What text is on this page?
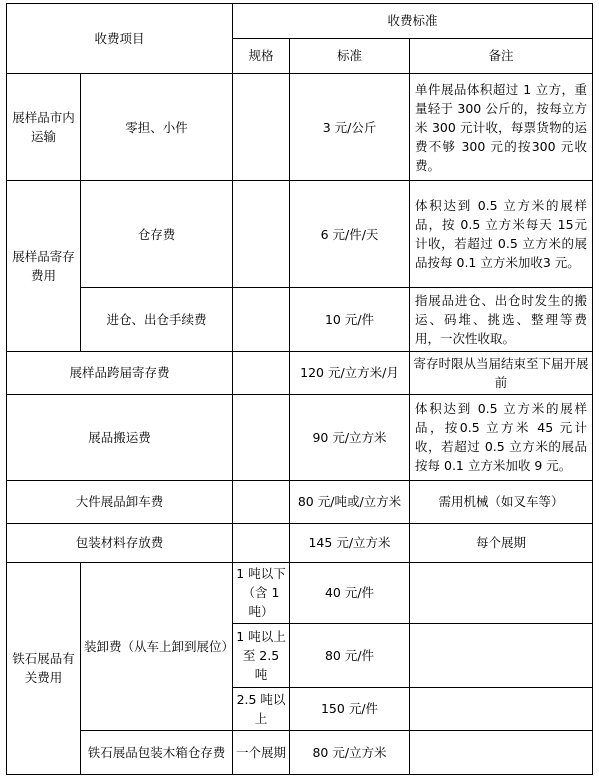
收费项目		收费标准		
		规格	标准	备注
展样品市内运输	零担、小件		3 元/公斤	单件展品体积超过 1 立方，重量轻于 300 公斤的，按每立方米 300 元计收，每票货物的运费不够 300 元的按300 元收费。
展样品寄存费用	仓存费		6 元/件/天	体积达到 0.5 立方米的展样品，按 0.5 立方米每天 15元计收，若超过 0.5 立方米的展品按每 0.1 立方米加收3 元。
	进仓、出仓手续费		10 元/件	指展品进仓、出仓时发生的搬运、码堆、挑选、整理等费用，一次性收取。
展样品跨届寄存费			120 元/立方米/月	寄存时限从当届结束至下届开展前
展品搬运费			90 元/立方米	体积达到 0.5 立方米的展样品，按0.5 立方米 45 元计收，若超过 0.5 立方米的展品按每 0.1 立方米加收 9 元。
大件展品卸车费			80 元/吨或/立方米	需用机械（如叉车等）
包装材料存放费			145 元/立方米	每个展期
铁石展品有关费用	装卸费（从车上卸到展位）	1 吨以下（含 1 吨）	40 元/件	
		1 吨以上至 2.5 吨	80 元/件	
		2.5 吨以上	150 元/件	
	铁石展品包装木箱仓存费	一个展期	80 元/立方米	
